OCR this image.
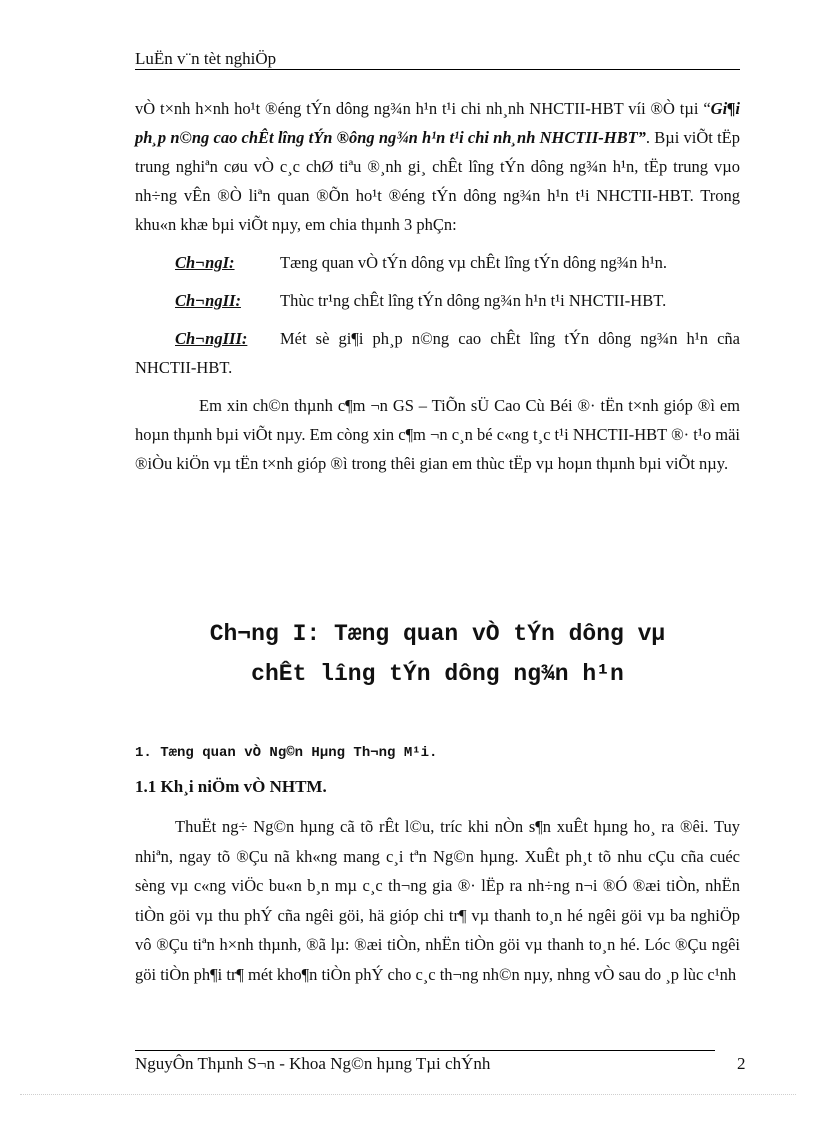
LuËn v¨n tèt nghiÖp

vÒ t×nh h×nh ho¹t ®éng tÝn dông ng¾n h¹n t¹i chi nh¸nh NHCTII-HBT víi ®Ò tµi “Gi¶i ph¸p n©ng cao chÊt lîng tÝn ®ông ng¾n h¹n t¹i chi nh¸nh NHCTII-HBT”. Bµi viÕt tËp trung nghiªn cøu vÒ c¸c chØ tiªu ®¸nh gi¸ chÊt lîng tÝn dông ng¾n h¹n, tËp trung vµo nh÷ng vÊn ®Ò liªn quan ®Õn ho¹t ®éng tÝn dông ng¾n h¹n t¹i NHCTII-HBT. Trong khu«n khæ bµi viÕt nµy, em chia thµnh 3 phÇn:

Ch¬ngI:	Tæng quan vÒ tÝn dông vµ chÊt lîng tÝn dông ng¾n h¹n.

Ch¬ngII: Thùc tr¹ng chÊt lîng tÝn dông ng¾n h¹n t¹i NHCTII-HBT.

Ch¬ngIII: Mét sè gi¶i ph¸p n©ng cao chÊt lîng tÝn dông ng¾n h¹n cña NHCTII-HBT.

Em xin ch©n thµnh c¶m ¬n GS – TiÕn sÜ Cao Cù Béi ®· tËn t×nh gióp ®ì em hoµn thµnh bµi viÕt nµy. Em còng xin c¶m ¬n c¸n bé c«ng t¸c t¹i NHCTII-HBT ®· t¹o mäi ®iÒu kiÖn vµ tËn t×nh gióp ®ì trong thêi gian em thùc tËp vµ hoµn thµnh bµi viÕt nµy.

Ch¬ng I: Tæng quan vÒ tÝn dông vµ
chÊt lîng tÝn dông ng¾n h¹n
1. Tæng quan vÒ Ng©n Hµng Th¬ng M¹i.
1.1 Kh¸i niÖm vÒ NHTM.

ThuËt ng÷ Ng©n hµng cã tõ rÊt l©u, tríc khi nÒn s¶n xuÊt hµng ho¸ ra ®êi. Tuy nhiªn, ngay tõ ®Çu nã kh«ng mang c¸i tªn Ng©n hµng. XuÊt ph¸t tõ nhu cÇu cña cuéc sèng vµ c«ng viÖc bu«n b¸n mµ c¸c th¬ng gia ®· lËp ra nh÷ng n¬i ®Ó ®æi tiÒn, nhËn tiÒn göi vµ thu phÝ cña ngêi göi, hä gióp chi tr¶ vµ thanh to¸n hé ngêi göi vµ ba nghiÖp vô ®Çu tiªn h×nh thµnh, ®ã lµ: ®æi tiÒn, nhËn tiÒn göi vµ thanh to¸n hé. Lóc ®Çu ngêi göi tiÒn ph¶i tr¶ mét kho¶n tiÒn phÝ cho c¸c th¬ng nh©n nµy, nhng vÒ sau do ¸p lùc c¹nh

NguyÔn Thµnh S¬n - Khoa Ng©n hµng Tµi chÝnh	2
